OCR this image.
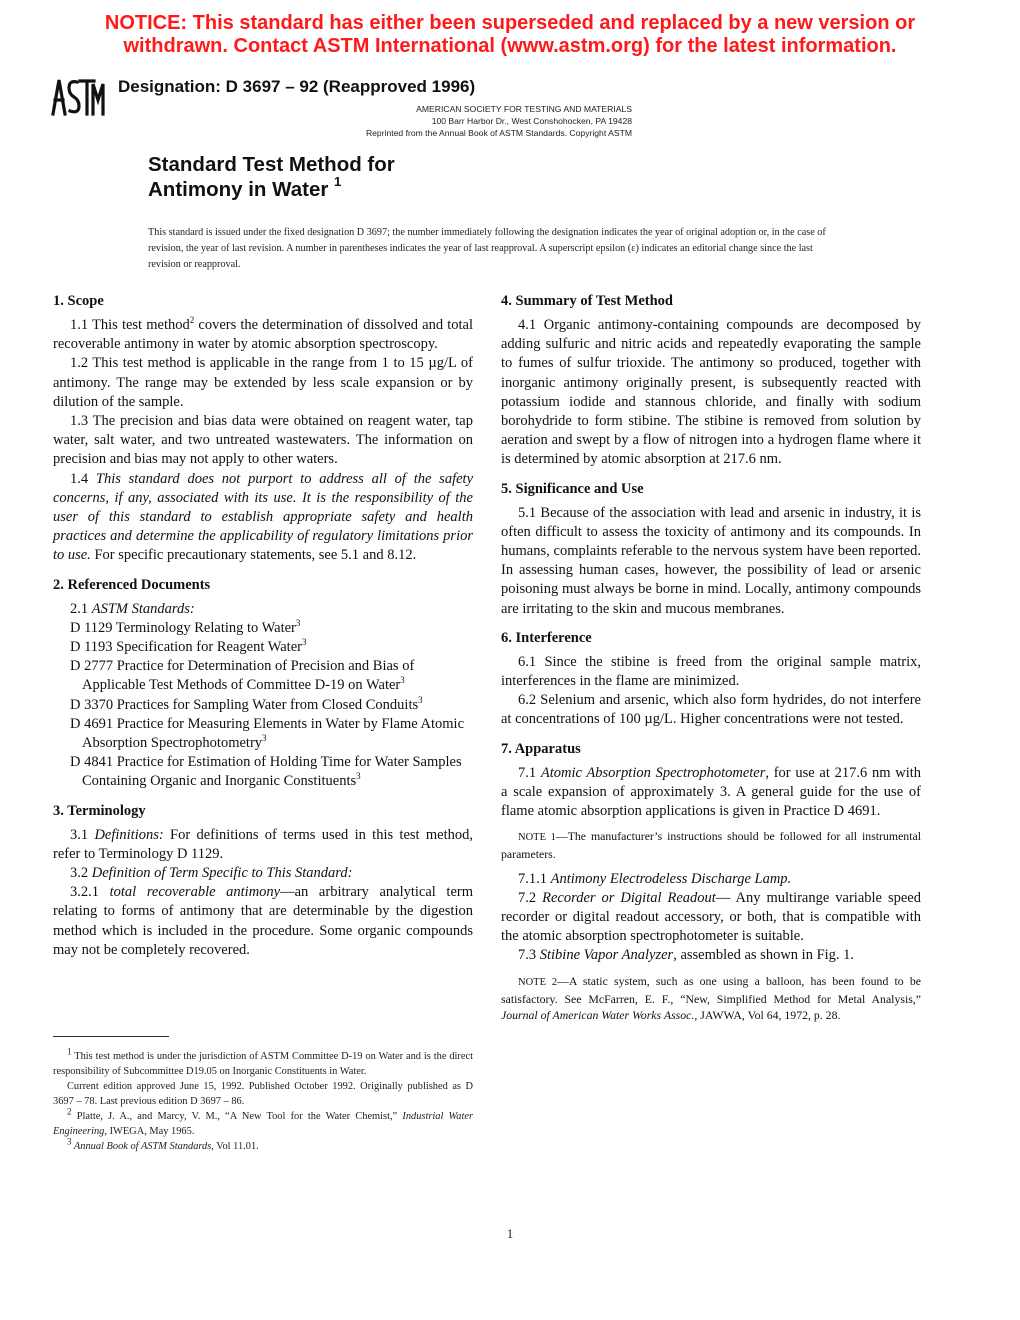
NOTICE: This standard has either been superseded and replaced by a new version or
withdrawn. Contact ASTM International (www.astm.org) for the latest information.
Designation: D 3697 – 92 (Reapproved 1996)
AMERICAN SOCIETY FOR TESTING AND MATERIALS
100 Barr Harbor Dr., West Conshohocken, PA 19428
Reprinted from the Annual Book of ASTM Standards. Copyright ASTM
Standard Test Method for
Antimony in Water $^1$
This standard is issued under the fixed designation D 3697; the number immediately following the designation indicates the year of original adoption or, in the case of revision, the year of last revision. A number in parentheses indicates the year of last reapproval. A superscript epsilon (ε) indicates an editorial change since the last revision or reapproval.
1. Scope

1.1 This test method$^2$ covers the determination of dissolved and total recoverable antimony in water by atomic absorption spectroscopy.

1.2 This test method is applicable in the range from 1 to 15 µg/L of antimony. The range may be extended by less scale expansion or by dilution of the sample.

1.3 The precision and bias data were obtained on reagent water, tap water, salt water, and two untreated wastewaters. The information on precision and bias may not apply to other waters.

1.4 This standard does not purport to address all of the safety concerns, if any, associated with its use. It is the responsibility of the user of this standard to establish appropriate safety and health practices and determine the applicability of regulatory limitations prior to use. For specific precautionary statements, see 5.1 and 8.12.

2. Referenced Documents

2.1 ASTM Standards:

D 1129 Terminology Relating to Water$^3$

D 1193 Specification for Reagent Water$^3$

D 2777 Practice for Determination of Precision and Bias of Applicable Test Methods of Committee D-19 on Water$^3$

D 3370 Practices for Sampling Water from Closed Conduits$^3$

D 4691 Practice for Measuring Elements in Water by Flame Atomic Absorption Spectrophotometry$^3$

D 4841 Practice for Estimation of Holding Time for Water Samples Containing Organic and Inorganic Constituents$^3$

3. Terminology

3.1 Definitions: For definitions of terms used in this test method, refer to Terminology D 1129.

3.2 Definition of Term Specific to This Standard:

3.2.1 total recoverable antimony—an arbitrary analytical term relating to forms of antimony that are determinable by the digestion method which is included in the procedure. Some organic compounds may not be completely recovered.

$^1$ This test method is under the jurisdiction of ASTM Committee D-19 on Water and is the direct responsibility of Subcommittee D19.05 on Inorganic Constituents in Water.

Current edition approved June 15, 1992. Published October 1992. Originally published as D 3697 – 78. Last previous edition D 3697 – 86.

$^2$ Platte, J. A., and Marcy, V. M., “A New Tool for the Water Chemist,” Industrial Water Engineering, IWEGA, May 1965.

$^3$ Annual Book of ASTM Standards, Vol 11.01.

4. Summary of Test Method

4.1 Organic antimony-containing compounds are decomposed by adding sulfuric and nitric acids and repeatedly evaporating the sample to fumes of sulfur trioxide. The antimony so produced, together with inorganic antimony originally present, is subsequently reacted with potassium iodide and stannous chloride, and finally with sodium borohydride to form stibine. The stibine is removed from solution by aeration and swept by a flow of nitrogen into a hydrogen flame where it is determined by atomic absorption at 217.6 nm.

5. Significance and Use

5.1 Because of the association with lead and arsenic in industry, it is often difficult to assess the toxicity of antimony and its compounds. In humans, complaints referable to the nervous system have been reported. In assessing human cases, however, the possibility of lead or arsenic poisoning must always be borne in mind. Locally, antimony compounds are irritating to the skin and mucous membranes.

6. Interference

6.1 Since the stibine is freed from the original sample matrix, interferences in the flame are minimized.

6.2 Selenium and arsenic, which also form hydrides, do not interfere at concentrations of 100 µg/L. Higher concentrations were not tested.

7. Apparatus

7.1 Atomic Absorption Spectrophotometer, for use at 217.6 nm with a scale expansion of approximately 3. A general guide for the use of flame atomic absorption applications is given in Practice D 4691.

NOTE 1—The manufacturer’s instructions should be followed for all instrumental parameters.

7.1.1 Antimony Electrodeless Discharge Lamp.

7.2 Recorder or Digital Readout— Any multirange variable speed recorder or digital readout accessory, or both, that is compatible with the atomic absorption spectrophotometer is suitable.

7.3 Stibine Vapor Analyzer, assembled as shown in Fig. 1.

NOTE 2—A static system, such as one using a balloon, has been found to be satisfactory. See McFarren, E. F., “New, Simplified Method for Metal Analysis,” Journal of American Water Works Assoc., JAWWA, Vol 64, 1972, p. 28.

1
